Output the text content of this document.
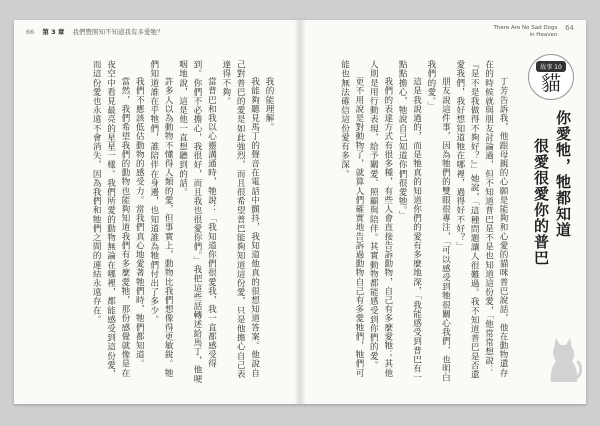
66 第 3 章 我們豐開知不知道我有多愛牠？

我的能理解。

我能夠聽見馬丁的聲音在電話中顫抖，我知道他真的很想知道答案。他說自己對普巴的愛是如此強烈，而且很希望普巴能夠知道這份愛，只是他擔心自己表達得不夠。

當普巴和我以心靈溝通時，牠說：「我知道你們很愛我，我一直都感受得到。你們不必擔心，我很好，而且我也很愛你們。」我把這些話轉述給馬丁，他哽咽地說，這是他一直想聽到的話。

許多人以為動物不懂得人類的愛，但事實上，動物比我們想像得更敏銳。牠們知道誰在乎牠們，誰陪伴在身邊，也知道誰為牠們付出了多少。

我們不應該低估動物的感受力。當我們真心地愛著牠們時，牠們都知道。

當然，我們希望我們的動物也能夠知道我們有多麼愛牠，那份感覺就像是在夜空中看見最亮的星星一樣。我們所愛的動物無論在哪裡，都能感受到這份愛，而這份愛也永遠不會消失，因為我們和牠們之間的連結永遠存在。

There Are No Sad Dogs
in Heaven
64

丁芳告訴我，他跟母親的心願是能夠和心愛的貓咪普巴說話，他在動物還存在的時候就與朋友討論過，但不知道普巴是不是也知道這份愛，「他常常想說：『是不是我做得不夠好？』」她說，「這種問題讓人很難過。我不知道普巴是否還愛我們，我好想知道牠在哪裡，過得好不好？」

朋友說這件事，因為牠們的雙眼很專注，「可以感受到牠很關心我們，也明白我們的愛。」

這是我說過的，而是牠真的知道你們的愛有多麼地深，「我能感受到普巴有一點點擔心，牠說自己知道你們很愛牠。」

我們的表達方式有很多種，有些人會直接告訴動物，自己有多麼愛牠；其他人則是用行動表現，給予關愛、照顧與陪伴。其實動物都能感受到你們的愛。

更不用說是對動物了，就算人們確實地告訴過動物自己有多愛牠們，牠們可能也無法確信這份愛有多深。	故事 10
貓
你愛牠，牠都知道
很愛很愛你的普巴
